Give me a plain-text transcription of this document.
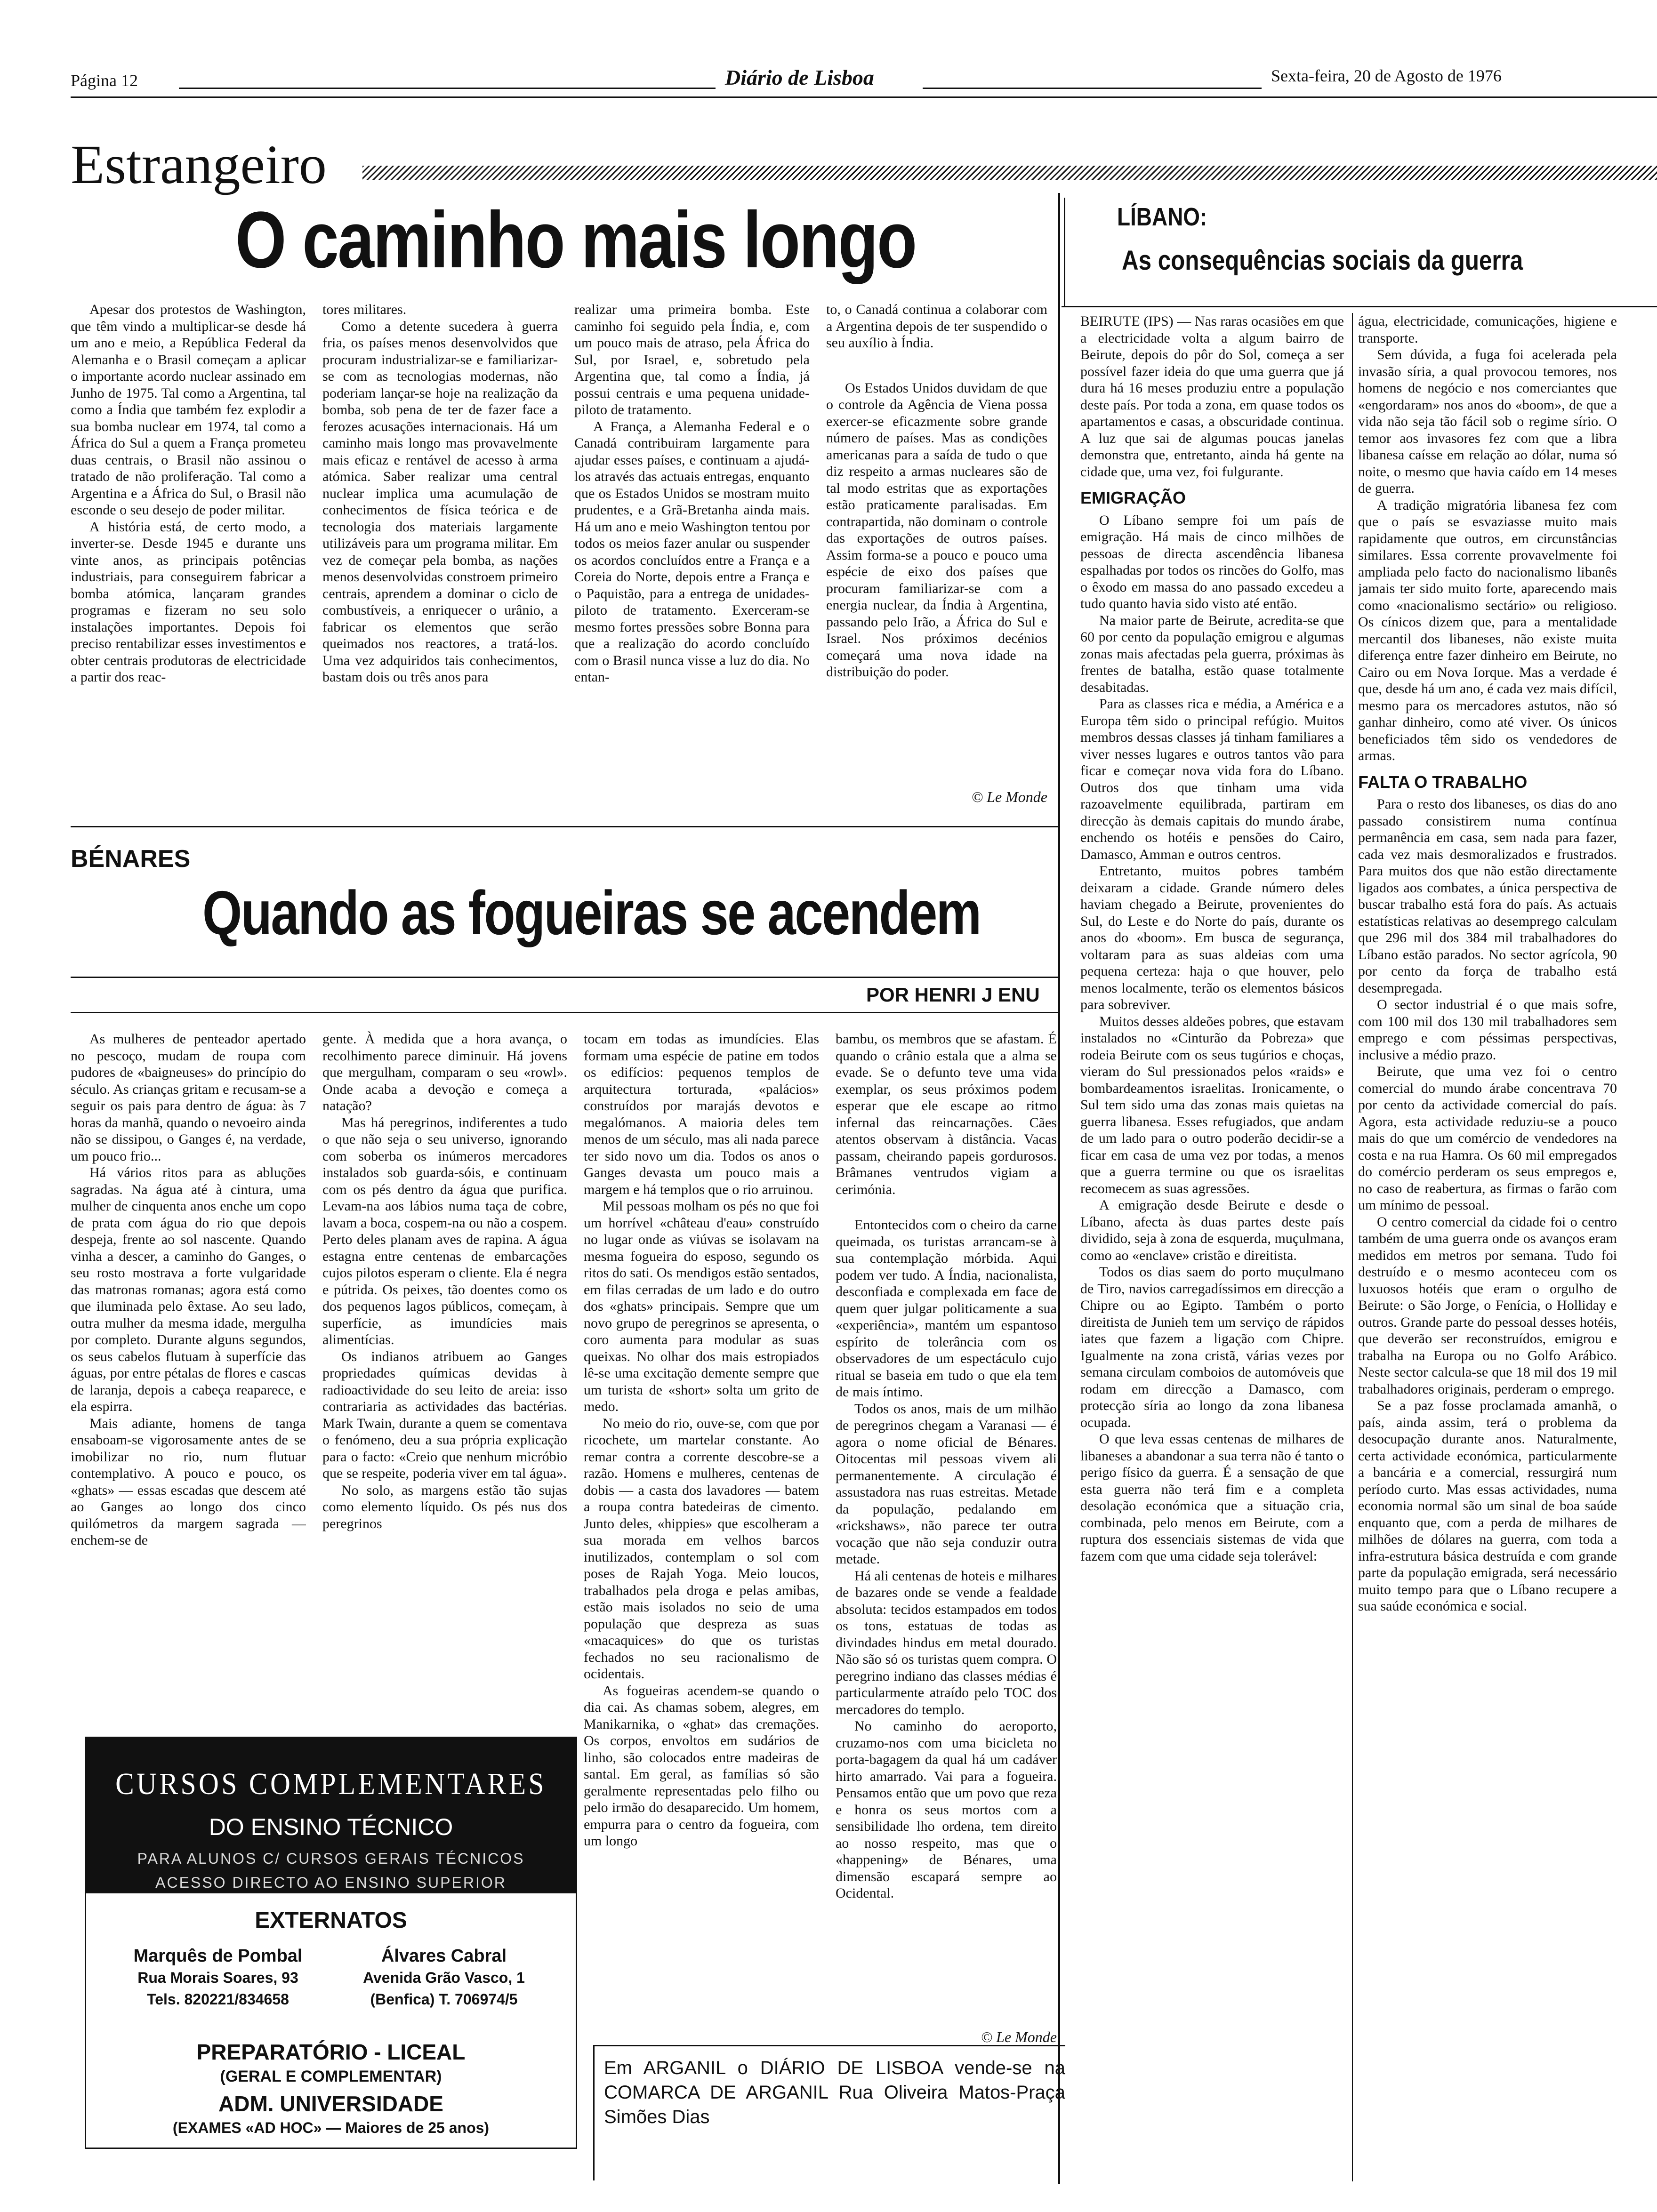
Página 12	Diário de Lisboa	Sexta-feira, 20 de Agosto de 1976
Estrangeiro
O caminho mais longo

Apesar dos protestos de Washington, que têm vindo a multiplicar-se desde há um ano e meio, a República Federal da Alemanha e o Brasil começam a aplicar o importante acordo nuclear assinado em Junho de 1975. Tal como a Argentina, tal como a Índia que também fez explodir a sua bomba nuclear em 1974, tal como a África do Sul a quem a França prometeu duas centrais, o Brasil não assinou o tratado de não proliferação. Tal como a Argentina e a África do Sul, o Brasil não esconde o seu desejo de poder militar.

A história está, de certo modo, a inverter-se. Desde 1945 e durante uns vinte anos, as principais potências industriais, para conseguirem fabricar a bomba atómica, lançaram grandes programas e fizeram no seu solo instalações importantes. Depois foi preciso rentabilizar esses investimentos e obter centrais produtoras de electricidade a partir dos reac-

tores militares.

Como a detente sucedera à guerra fria, os países menos desenvolvidos que procuram industrializar-se e familiarizar-se com as tecnologias modernas, não poderiam lançar-se hoje na realização da bomba, sob pena de ter de fazer face a ferozes acusações internacionais. Há um caminho mais longo mas provavelmente mais eficaz e rentável de acesso à arma atómica. Saber realizar uma central nuclear implica uma acumulação de conhecimentos de física teórica e de tecnologia dos materiais largamente utilizáveis para um programa militar. Em vez de começar pela bomba, as nações menos desenvolvidas constroem primeiro centrais, aprendem a dominar o ciclo de combustíveis, a enriquecer o urânio, a fabricar os elementos que serão queimados nos reactores, a tratá-los. Uma vez adquiridos tais conhecimentos, bastam dois ou três anos para

realizar uma primeira bomba. Este caminho foi seguido pela Índia, e, com um pouco mais de atraso, pela África do Sul, por Israel, e, sobretudo pela Argentina que, tal como a Índia, já possui centrais e uma pequena unidade-piloto de tratamento.

A França, a Alemanha Federal e o Canadá contribuiram largamente para ajudar esses países, e continuam a ajudá-los através das actuais entregas, enquanto que os Estados Unidos se mostram muito prudentes, e a Grã-Bretanha ainda mais. Há um ano e meio Washington tentou por todos os meios fazer anular ou suspender os acordos concluídos entre a França e a Coreia do Norte, depois entre a França e o Paquistão, para a entrega de unidades-piloto de tratamento. Exerceram-se mesmo fortes pressões sobre Bonna para que a realização do acordo concluído com o Brasil nunca visse a luz do dia. No entan-

to, o Canadá continua a colaborar com a Argentina depois de ter suspendido o seu auxílio à Índia.

Os Estados Unidos duvidam de que o controle da Agência de Viena possa exercer-se eficazmente sobre grande número de países. Mas as condições americanas para a saída de tudo o que diz respeito a armas nucleares são de tal modo estritas que as exportações estão praticamente paralisadas. Em contrapartida, não dominam o controle das exportações de outros países. Assim forma-se a pouco e pouco uma espécie de eixo dos países que procuram familiarizar-se com a energia nuclear, da Índia à Argentina, passando pelo Irão, a África do Sul e Israel. Nos próximos decénios começará uma nova idade na distribuição do poder.

© Le Monde
BÉNARES
Quando as fogueiras se acendem
POR HENRI J ENU

As mulheres de penteador apertado no pescoço, mudam de roupa com pudores de «baigneuses» do princípio do século. As crianças gritam e recusam-se a seguir os pais para dentro de água: às 7 horas da manhã, quando o nevoeiro ainda não se dissipou, o Ganges é, na verdade, um pouco frio...

Há vários ritos para as abluções sagradas. Na água até à cintura, uma mulher de cinquenta anos enche um copo de prata com água do rio que depois despeja, frente ao sol nascente. Quando vinha a descer, a caminho do Ganges, o seu rosto mostrava a forte vulgaridade das matronas romanas; agora está como que iluminada pelo êxtase. Ao seu lado, outra mulher da mesma idade, mergulha por completo. Durante alguns segundos, os seus cabelos flutuam à superfície das águas, por entre pétalas de flores e cascas de laranja, depois a cabeça reaparece, e ela espirra.

Mais adiante, homens de tanga ensaboam-se vigorosamente antes de se imobilizar no rio, num flutuar contemplativo. A pouco e pouco, os «ghats» — essas escadas que descem até ao Ganges ao longo dos cinco quilómetros da margem sagrada — enchem-se de

gente. À medida que a hora avança, o recolhimento parece diminuir. Há jovens que mergulham, comparam o seu «rowl». Onde acaba a devoção e começa a natação?

Mas há peregrinos, indiferentes a tudo o que não seja o seu universo, ignorando com soberba os inúmeros mercadores instalados sob guarda-sóis, e continuam com os pés dentro da água que purifica. Levam-na aos lábios numa taça de cobre, lavam a boca, cospem-na ou não a cospem. Perto deles planam aves de rapina. A água estagna entre centenas de embarcações cujos pilotos esperam o cliente. Ela é negra e pútrida. Os peixes, tão doentes como os dos pequenos lagos públicos, começam, à superfície, as imundícies mais alimentícias.

Os indianos atribuem ao Ganges propriedades químicas devidas à radioactividade do seu leito de areia: isso contrariaria as actividades das bactérias. Mark Twain, durante a quem se comentava o fenómeno, deu a sua própria explicação para o facto: «Creio que nenhum micróbio que se respeite, poderia viver em tal água».

No solo, as margens estão tão sujas como elemento líquido. Os pés nus dos peregrinos

tocam em todas as imundícies. Elas formam uma espécie de patine em todos os edifícios: pequenos templos de arquitectura torturada, «palácios» construídos por marajás devotos e megalómanos. A maioria deles tem menos de um século, mas ali nada parece ter sido novo um dia. Todos os anos o Ganges devasta um pouco mais a margem e há templos que o rio arruinou.

Mil pessoas molham os pés no que foi um horrível «château d'eau» construído no lugar onde as viúvas se isolavam na mesma fogueira do esposo, segundo os ritos do sati. Os mendigos estão sentados, em filas cerradas de um lado e do outro dos «ghats» principais. Sempre que um novo grupo de peregrinos se apresenta, o coro aumenta para modular as suas queixas. No olhar dos mais estropiados lê-se uma excitação demente sempre que um turista de «short» solta um grito de medo.

No meio do rio, ouve-se, com que por ricochete, um martelar constante. Ao remar contra a corrente descobre-se a razão. Homens e mulheres, centenas de dobis — a casta dos lavadores — batem a roupa contra batedeiras de cimento. Junto deles, «hippies» que escolheram a sua morada em velhos barcos inutilizados, contemplam o sol com poses de Rajah Yoga. Meio loucos, trabalhados pela droga e pelas amibas, estão mais isolados no seio de uma população que despreza as suas «macaquices» do que os turistas fechados no seu racionalismo de ocidentais.

As fogueiras acendem-se quando o dia cai. As chamas sobem, alegres, em Manikarnika, o «ghat» das cremações. Os corpos, envoltos em sudários de linho, são colocados entre madeiras de santal. Em geral, as famílias só são geralmente representadas pelo filho ou pelo irmão do desaparecido. Um homem, empurra para o centro da fogueira, com um longo

bambu, os membros que se afastam. É quando o crânio estala que a alma se evade. Se o defunto teve uma vida exemplar, os seus próximos podem esperar que ele escape ao ritmo infernal das reincarnações. Cães atentos observam à distância. Vacas passam, cheirando papeis gordurosos. Brâmanes ventrudos vigiam a cerimónia.

Entontecidos com o cheiro da carne queimada, os turistas arrancam-se à sua contemplação mórbida. Aqui podem ver tudo. A Índia, nacionalista, desconfiada e complexada em face de quem quer julgar politicamente a sua «experiência», mantém um espantoso espírito de tolerância com os observadores de um espectáculo cujo ritual se baseia em tudo o que ela tem de mais íntimo.

Todos os anos, mais de um milhão de peregrinos chegam a Varanasi — é agora o nome oficial de Bénares. Oitocentas mil pessoas vivem ali permanentemente. A circulação é assustadora nas ruas estreitas. Metade da população, pedalando em «rickshaws», não parece ter outra vocação que não seja conduzir outra metade.

Há ali centenas de hoteis e milhares de bazares onde se vende a fealdade absoluta: tecidos estampados em todos os tons, estatuas de todas as divindades hindus em metal dourado. Não são só os turistas quem compra. O peregrino indiano das classes médias é particularmente atraído pelo TOC dos mercadores do templo.

No caminho do aeroporto, cruzamo-nos com uma bicicleta no porta-bagagem da qual há um cadáver hirto amarrado. Vai para a fogueira. Pensamos então que um povo que reza e honra os seus mortos com a sensibilidade lho ordena, tem direito ao nosso respeito, mas que o «happening» de Bénares, uma dimensão escapará sempre ao Ocidental.

© Le Monde
CURSOS COMPLEMENTARES
DO ENSINO TÉCNICO
PARA ALUNOS C/ CURSOS GERAIS TÉCNICOS
ACESSO DIRECTO AO ENSINO SUPERIOR
EXTERNATOS
Marquês de Pombal
Rua Morais Soares, 93
Tels. 820221/834658
Álvares Cabral
Avenida Grão Vasco, 1
(Benfica) T. 706974/5
PREPARATÓRIO - LICEAL
(GERAL E COMPLEMENTAR)
ADM. UNIVERSIDADE
(EXAMES «AD HOC» — Maiores de 25 anos)
Em ARGANIL o DIÁRIO DE LISBOA vende-se na COMARCA DE ARGANIL Rua Oliveira Matos-Praça Simões Dias
LÍBANO:
As consequências sociais da guerra

BEIRUTE (IPS) — Nas raras ocasiões em que a electricidade volta a algum bairro de Beirute, depois do pôr do Sol, começa a ser possível fazer ideia do que uma guerra que já dura há 16 meses produziu entre a população deste país. Por toda a zona, em quase todos os apartamentos e casas, a obscuridade continua. A luz que sai de algumas poucas janelas demonstra que, entretanto, ainda há gente na cidade que, uma vez, foi fulgurante.

EMIGRAÇÃO

O Líbano sempre foi um país de emigração. Há mais de cinco milhões de pessoas de directa ascendência libanesa espalhadas por todos os rincões do Golfo, mas o êxodo em massa do ano passado excedeu a tudo quanto havia sido visto até então.

Na maior parte de Beirute, acredita-se que 60 por cento da população emigrou e algumas zonas mais afectadas pela guerra, próximas às frentes de batalha, estão quase totalmente desabitadas.

Para as classes rica e média, a América e a Europa têm sido o principal refúgio. Muitos membros dessas classes já tinham familiares a viver nesses lugares e outros tantos vão para ficar e começar nova vida fora do Líbano. Outros dos que tinham uma vida razoavelmente equilibrada, partiram em direcção às demais capitais do mundo árabe, enchendo os hotéis e pensões do Cairo, Damasco, Amman e outros centros.

Entretanto, muitos pobres também deixaram a cidade. Grande número deles haviam chegado a Beirute, provenientes do Sul, do Leste e do Norte do país, durante os anos do «boom». Em busca de segurança, voltaram para as suas aldeias com uma pequena certeza: haja o que houver, pelo menos localmente, terão os elementos básicos para sobreviver.

Muitos desses aldeões pobres, que estavam instalados no «Cinturão da Pobreza» que rodeia Beirute com os seus tugúrios e choças, vieram do Sul pressionados pelos «raids» e bombardeamentos israelitas. Ironicamente, o Sul tem sido uma das zonas mais quietas na guerra libanesa. Esses refugiados, que andam de um lado para o outro poderão decidir-se a ficar em casa de uma vez por todas, a menos que a guerra termine ou que os israelitas recomecem as suas agressões.

A emigração desde Beirute e desde o Líbano, afecta às duas partes deste país dividido, seja à zona de esquerda, muçulmana, como ao «enclave» cristão e direitista.

Todos os dias saem do porto muçulmano de Tiro, navios carregadíssimos em direcção a Chipre ou ao Egipto. Também o porto direitista de Junieh tem um serviço de rápidos iates que fazem a ligação com Chipre. Igualmente na zona cristã, várias vezes por semana circulam comboios de automóveis que rodam em direcção a Damasco, com protecção síria ao longo da zona libanesa ocupada.

O que leva essas centenas de milhares de libaneses a abandonar a sua terra não é tanto o perigo físico da guerra. É a sensação de que esta guerra não terá fim e a completa desolação económica que a situação cria, combinada, pelo menos em Beirute, com a ruptura dos essenciais sistemas de vida que fazem com que uma cidade seja tolerável:

água, electricidade, comunicações, higiene e transporte.

Sem dúvida, a fuga foi acelerada pela invasão síria, a qual provocou temores, nos homens de negócio e nos comerciantes que «engordaram» nos anos do «boom», de que a vida não seja tão fácil sob o regime sírio. O temor aos invasores fez com que a libra libanesa caísse em relação ao dólar, numa só noite, o mesmo que havia caído em 14 meses de guerra.

A tradição migratória libanesa fez com que o país se esvaziasse muito mais rapidamente que outros, em circunstâncias similares. Essa corrente provavelmente foi ampliada pelo facto do nacionalismo libanês jamais ter sido muito forte, aparecendo mais como «nacionalismo sectário» ou religioso. Os cínicos dizem que, para a mentalidade mercantil dos libaneses, não existe muita diferença entre fazer dinheiro em Beirute, no Cairo ou em Nova Iorque. Mas a verdade é que, desde há um ano, é cada vez mais difícil, mesmo para os mercadores astutos, não só ganhar dinheiro, como até viver. Os únicos beneficiados têm sido os vendedores de armas.

FALTA O TRABALHO

Para o resto dos libaneses, os dias do ano passado consistirem numa contínua permanência em casa, sem nada para fazer, cada vez mais desmoralizados e frustrados. Para muitos dos que não estão directamente ligados aos combates, a única perspectiva de buscar trabalho está fora do país. As actuais estatísticas relativas ao desemprego calculam que 296 mil dos 384 mil trabalhadores do Líbano estão parados. No sector agrícola, 90 por cento da força de trabalho está desempregada.

O sector industrial é o que mais sofre, com 100 mil dos 130 mil trabalhadores sem emprego e com péssimas perspectivas, inclusive a médio prazo.

Beirute, que uma vez foi o centro comercial do mundo árabe concentrava 70 por cento da actividade comercial do país. Agora, esta actividade reduziu-se a pouco mais do que um comércio de vendedores na costa e na rua Hamra. Os 60 mil empregados do comércio perderam os seus empregos e, no caso de reabertura, as firmas o farão com um mínimo de pessoal.

O centro comercial da cidade foi o centro também de uma guerra onde os avanços eram medidos em metros por semana. Tudo foi destruído e o mesmo aconteceu com os luxuosos hotéis que eram o orgulho de Beirute: o São Jorge, o Fenícia, o Holliday e outros. Grande parte do pessoal desses hotéis, que deverão ser reconstruídos, emigrou e trabalha na Europa ou no Golfo Arábico. Neste sector calcula-se que 18 mil dos 19 mil trabalhadores originais, perderam o emprego.

Se a paz fosse proclamada amanhã, o país, ainda assim, terá o problema da desocupação durante anos. Naturalmente, certa actividade económica, particularmente a bancária e a comercial, ressurgirá num período curto. Mas essas actividades, numa economia normal são um sinal de boa saúde enquanto que, com a perda de milhares de milhões de dólares na guerra, com toda a infra-estrutura básica destruída e com grande parte da população emigrada, será necessário muito tempo para que o Líbano recupere a sua saúde económica e social.
